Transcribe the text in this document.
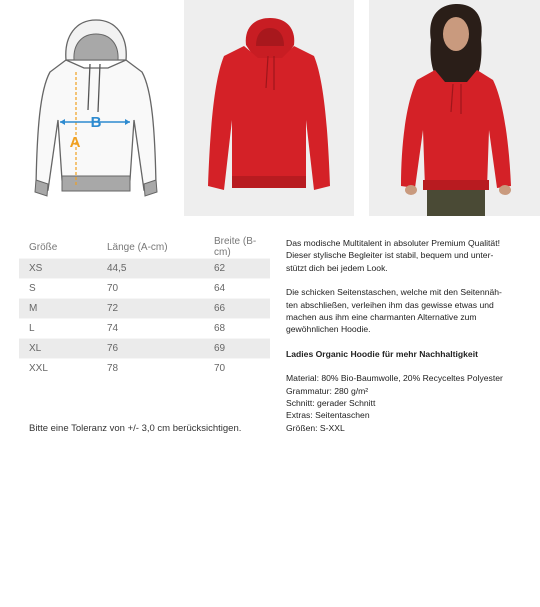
B
A
Größe	Länge (A-cm)	Breite (B-cm)
XS	44,5	62
S	70	64
M	72	66
L	74	68
XL	76	69
XXL	78	70
Bitte eine Toleranz von +/- 3,0 cm berücksichtigen.

Das modische Multitalent in absoluter Premium Qualität!

Dieser stylische Begleiter ist stabil, bequem und unter-

stützt dich bei jedem Look.

Die schicken Seitenstaschen, welche mit den Seitennäh-

ten abschließen, verleihen ihm das gewisse etwas und

machen aus ihm eine charmanten Alternative zum

gewöhnlichen Hoodie.

Ladies Organic Hoodie für mehr Nachhaltigkeit

Material: 80% Bio-Baumwolle, 20% Recyceltes Polyester

Grammatur: 280 g/m²

Schnitt: gerader Schnitt

Extras: Seitentaschen

Größen: S-XXL
